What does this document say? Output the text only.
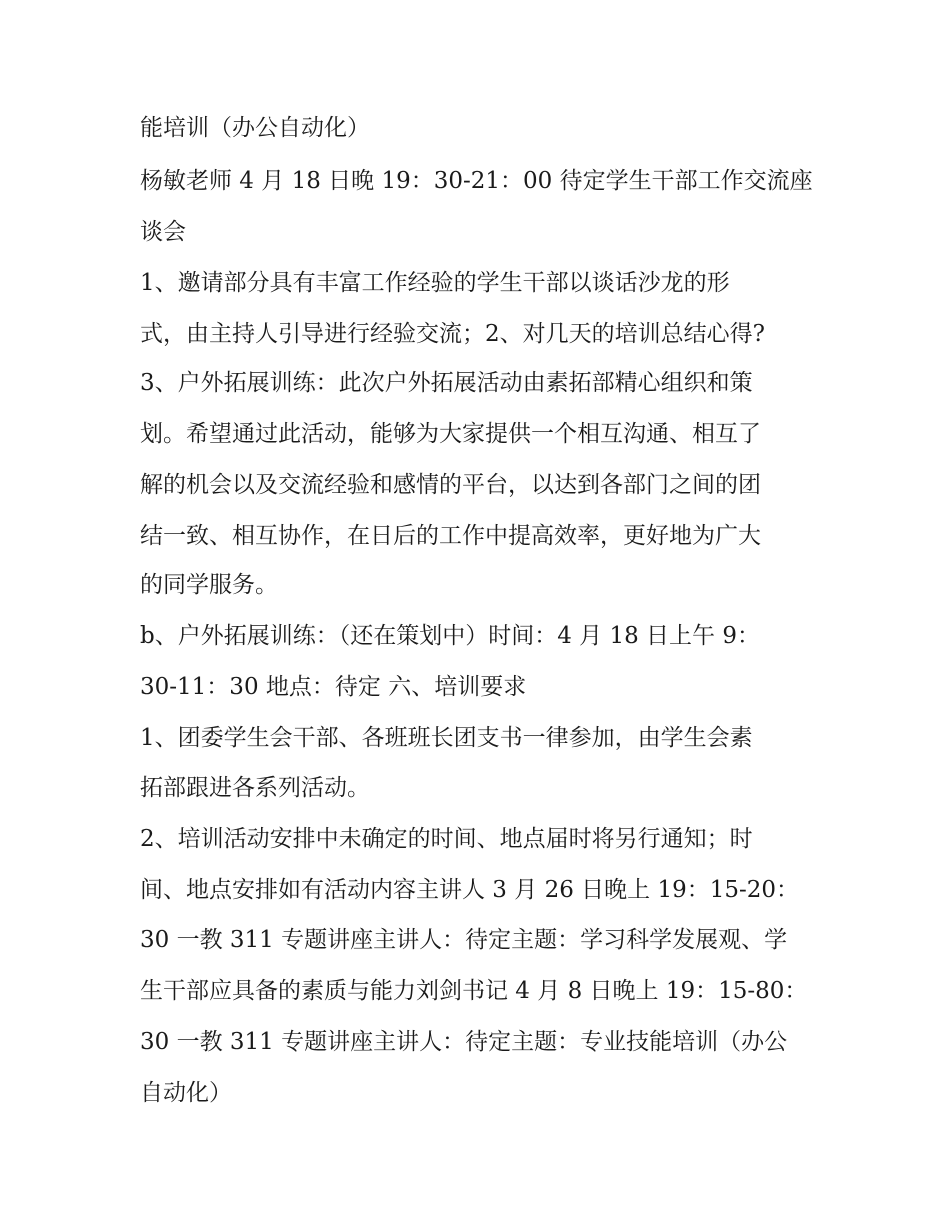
能培训（办公自动化）
杨敏老师 4 月 18 日晚 19：30-21：00 待定学生干部工作交流座
谈会
1、邀请部分具有丰富工作经验的学生干部以谈话沙龙的形
式，由主持人引导进行经验交流；2、对几天的培训总结心得?
3、户外拓展训练：此次户外拓展活动由素拓部精心组织和策
划。希望通过此活动，能够为大家提供一个相互沟通、相互了
解的机会以及交流经验和感情的平台，以达到各部门之间的团
结一致、相互协作，在日后的工作中提高效率，更好地为广大
的同学服务。
b、户外拓展训练：（还在策划中）时间：4 月 18 日上午 9：
30-11：30 地点：待定 六、培训要求
1、团委学生会干部、各班班长团支书一律参加，由学生会素
拓部跟进各系列活动。
2、培训活动安排中未确定的时间、地点届时将另行通知；时
间、地点安排如有活动内容主讲人 3 月 26 日晚上 19：15-20：
30 一教 311 专题讲座主讲人：待定主题：学习科学发展观、学
生干部应具备的素质与能力刘剑书记 4 月 8 日晚上 19：15-80：
30 一教 311 专题讲座主讲人：待定主题：专业技能培训（办公
自动化）
